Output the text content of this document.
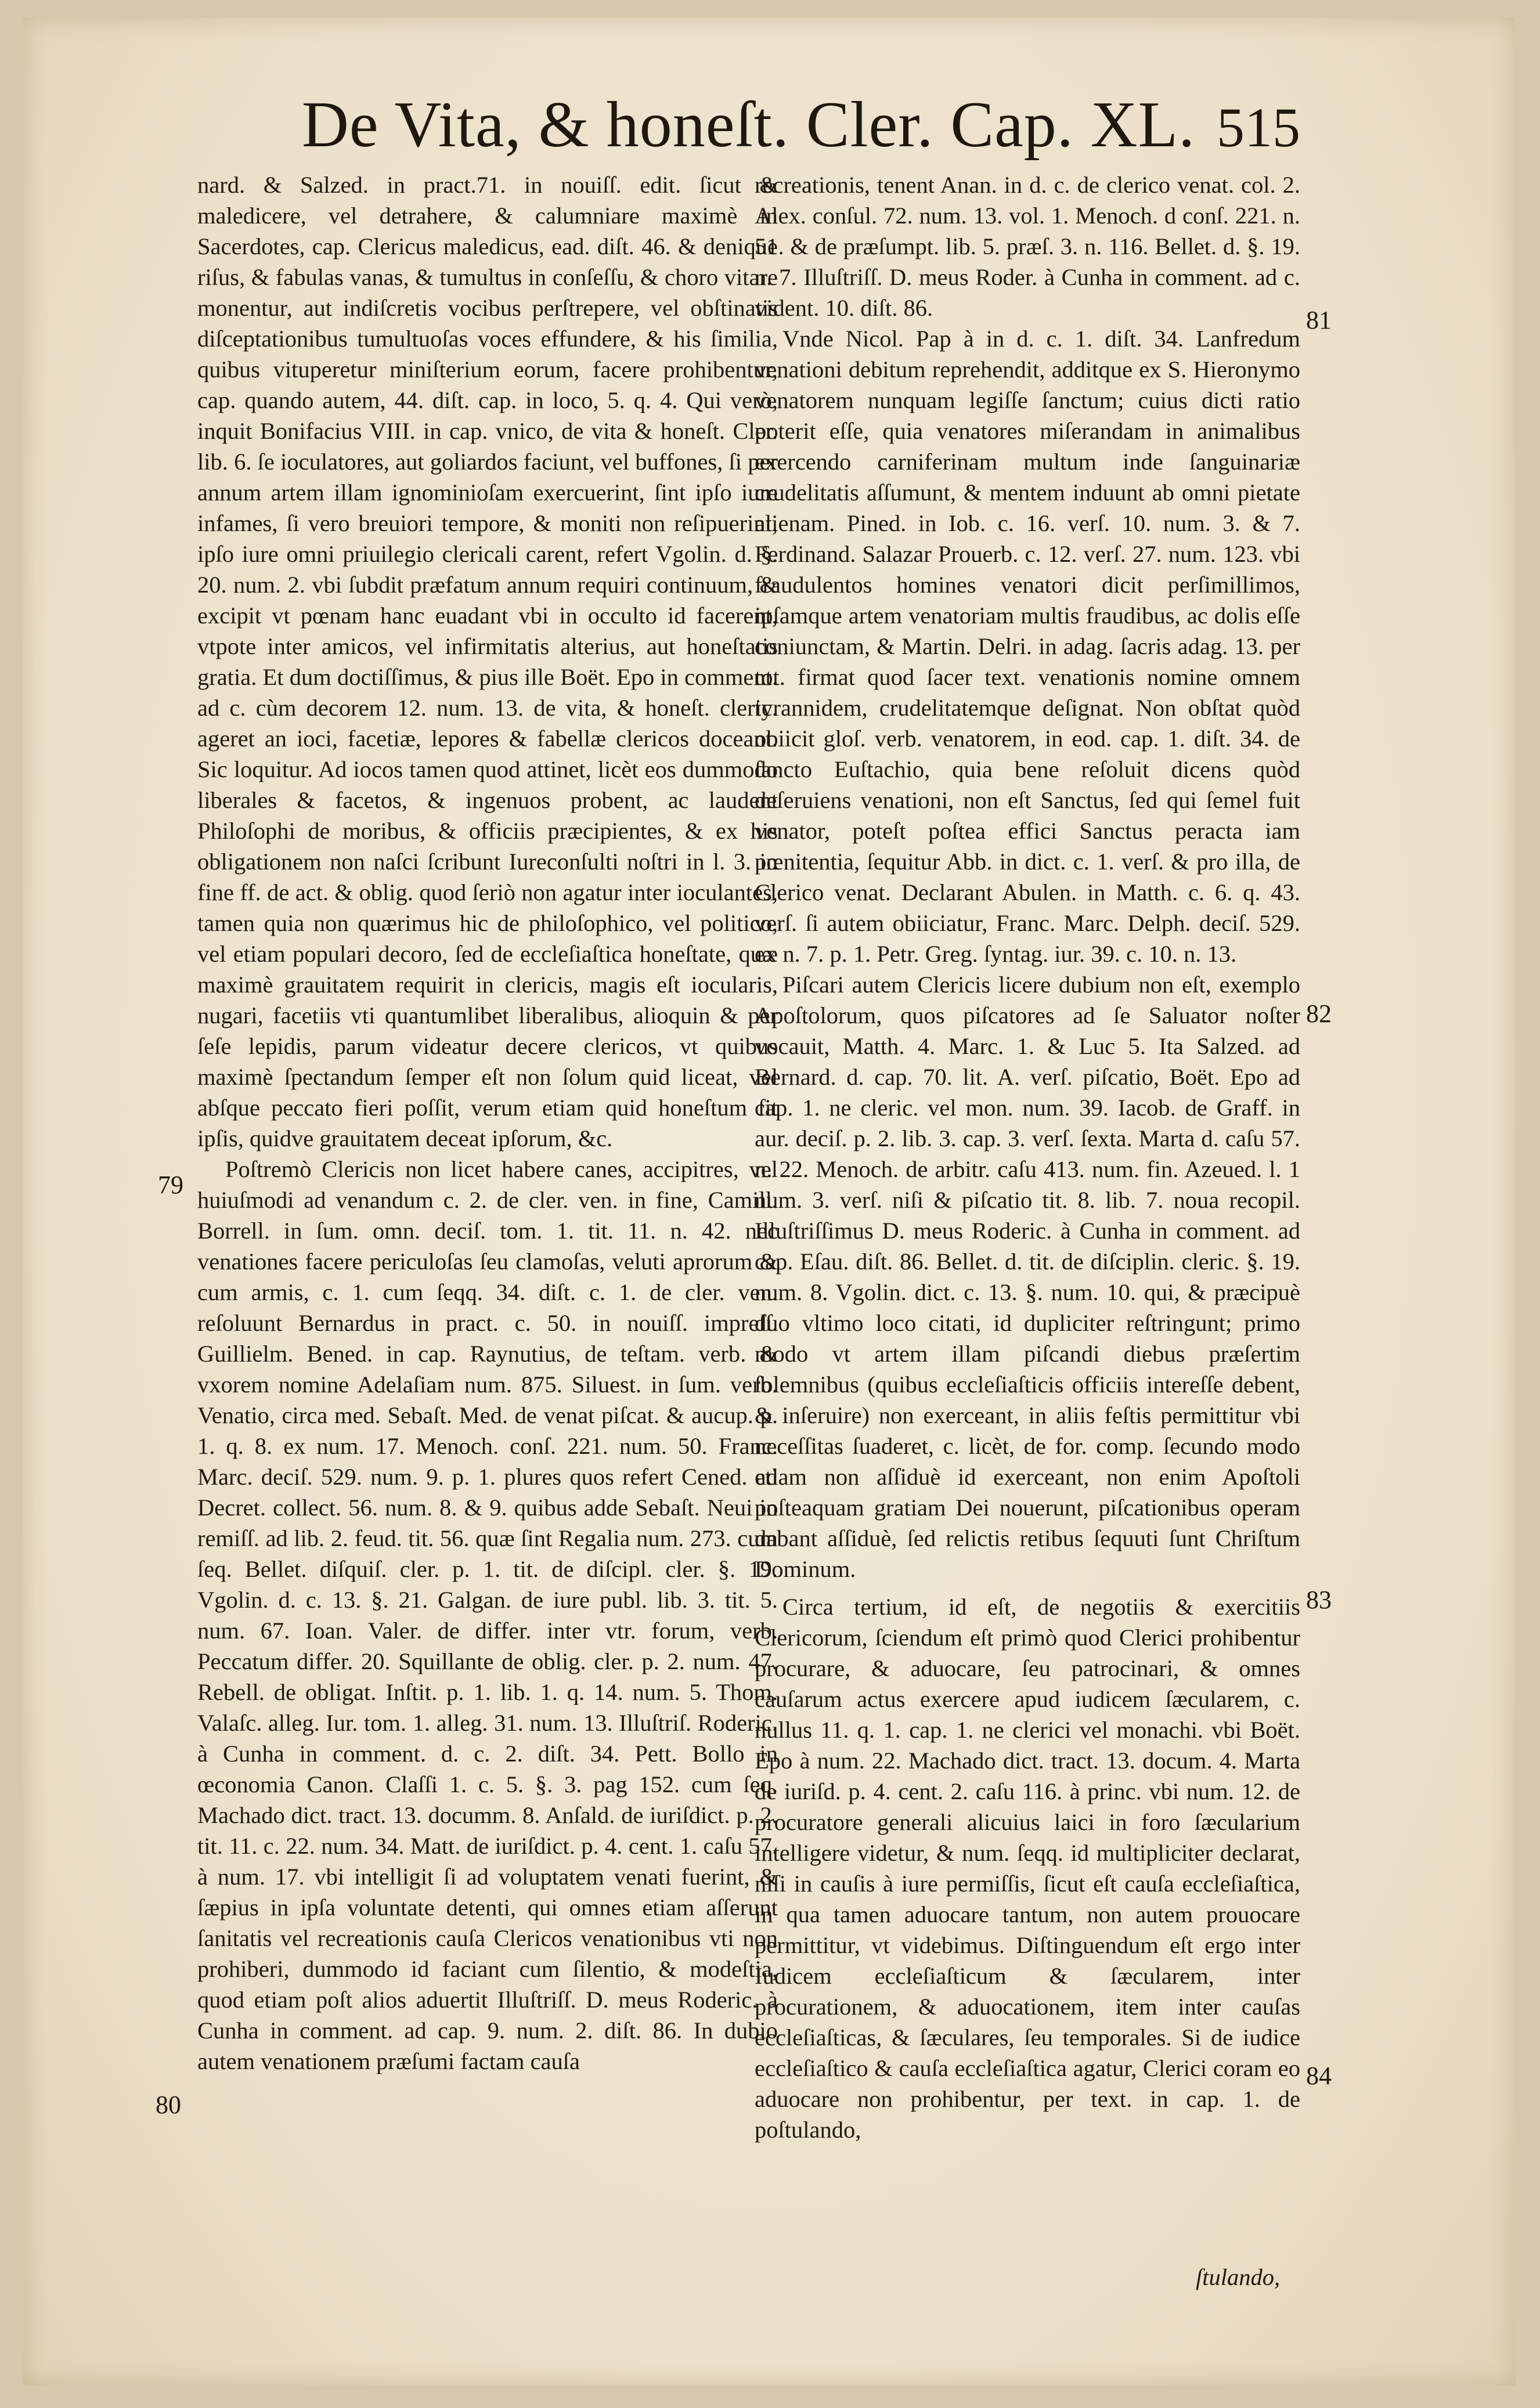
De Vita, & honeſt. Cler. Cap. XL. 515

nard. & Salzed. in pract.71. in nouiſſ. edit. ſicut & maledicere, vel detrahere, & calumniare maximè in Sacerdotes, cap. Clericus maledicus, ead. diſt. 46. & denique riſus, & fabulas vanas, & tumultus in conſeſſu, & choro vitare monentur, aut indiſcretis vocibus perſtrepere, vel obſtinatis diſceptationibus tumultuoſas voces effundere, & his ſimilia, quibus vituperetur miniſterium eorum, facere prohibentur, cap. quando autem, 44. diſt. cap. in loco, 5. q. 4. Qui verò, inquit Bonifacius VIII. in cap. vnico, de vita & honeſt. Cler. lib. 6. ſe ioculatores, aut goliardos faciunt, vel buffones, ſi per annum artem illam ignominioſam exercuerint, ſint ipſo iure infames, ſi vero breuiori tempore, & moniti non reſipuerint, ipſo iure omni priuilegio clericali carent, refert Vgolin. d. §. 20. num. 2. vbi ſubdit præfatum annum requiri continuum, & excipit vt pœnam hanc euadant vbi in occulto id facerent, vtpote inter amicos, vel infirmitatis alterius, aut honeſtatis gratia. Et dum doctiſſimus, & pius ille Boët. Epo in comment. ad c. cùm decorem 12. num. 13. de vita, & honeſt. cleric. ageret an ioci, facetiæ, lepores & fabellæ clericos doceant. Sic loquitur. Ad iocos tamen quod attinet, licèt eos dummodo liberales & facetos, & ingenuos probent, ac laudent Philoſophi de moribus, & officiis præcipientes, & ex his obligationem non naſci ſcribunt Iureconſulti noſtri in l. 3. in fine ff. de act. & oblig. quod ſeriò non agatur inter ioculantes, tamen quia non quærimus hic de philoſophico, vel politico, vel etiam populari decoro, ſed de eccleſiaſtica honeſtate, quæ maximè grauitatem requirit in clericis, magis eſt iocularis, nugari, facetiis vti quantumlibet liberalibus, alioquin & per ſeſe lepidis, parum videatur decere clericos, vt quibus maximè ſpectandum ſemper eſt non ſolum quid liceat, vel abſque peccato fieri poſſit, verum etiam quid honeſtum ſit ipſis, quidve grauitatem deceat ipſorum, &c.

Poſtremò Clericis non licet habere canes, accipitres, vel huiuſmodi ad venandum c. 2. de cler. ven. in fine, Camill. Borrell. in ſum. omn. deciſ. tom. 1. tit. 11. n. 42. nec venationes facere periculoſas ſeu clamoſas, veluti aprorum & cum armis, c. 1. cum ſeqq. 34. diſt. c. 1. de cler. ven. reſoluunt Bernardus in pract. c. 50. in nouiſſ. impreſſ. Guillielm. Bened. in cap. Raynutius, de teſtam. verb. & vxorem nomine Adelaſiam num. 875. Siluest. in ſum. verb. Venatio, circa med. Sebaſt. Med. de venat piſcat. & aucup. p. 1. q. 8. ex num. 17. Menoch. conſ. 221. num. 50. Franc. Marc. deciſ. 529. num. 9. p. 1. plures quos refert Cened. ad Decret. collect. 56. num. 8. & 9. quibus adde Sebaſt. Neui in remiſſ. ad lib. 2. feud. tit. 56. quæ ſint Regalia num. 273. cum ſeq. Bellet. diſquiſ. cler. p. 1. tit. de diſcipl. cler. §. 19. Vgolin. d. c. 13. §. 21. Galgan. de iure publ. lib. 3. tit. 5. num. 67. Ioan. Valer. de differ. inter vtr. forum, verb. Peccatum differ. 20. Squillante de oblig. cler. p. 2. num. 47. Rebell. de obligat. Inſtit. p. 1. lib. 1. q. 14. num. 5. Thom. Valaſc. alleg. Iur. tom. 1. alleg. 31. num. 13. Illuſtriſ. Roderic. à Cunha in comment. d. c. 2. diſt. 34. Pett. Bollo in œconomia Canon. Claſſi 1. c. 5. §. 3. pag 152. cum ſeq. Machado dict. tract. 13. documm. 8. Anſald. de iuriſdict. p. 2. tit. 11. c. 22. num. 34. Matt. de iuriſdict. p. 4. cent. 1. caſu 57. à num. 17. vbi intelligit ſi ad voluptatem venati fuerint, & ſæpius in ipſa voluntate detenti, qui omnes etiam aſſerunt ſanitatis vel recreationis cauſa Clericos venationibus vti non prohiberi, dummodo id faciant cum ſilentio, & modeſtia, quod etiam poſt alios aduertit Illuſtriſſ. D. meus Roderic. à Cunha in comment. ad cap. 9. num. 2. diſt. 86. In dubio autem venationem præſumi factam cauſa

recreationis, tenent Anan. in d. c. de clerico venat. col. 2. Alex. conſul. 72. num. 13. vol. 1. Menoch. d conſ. 221. n. 51. & de præſumpt. lib. 5. præſ. 3. n. 116. Bellet. d. §. 19. n. 7. Illuſtriſſ. D. meus Roder. à Cunha in comment. ad c. vident. 10. diſt. 86.

Vnde Nicol. Pap à in d. c. 1. diſt. 34. Lanfredum venationi debitum reprehendit, additque ex S. Hieronymo venatorem nunquam legiſſe ſanctum; cuius dicti ratio poterit eſſe, quia venatores miſerandam in animalibus exercendo carniferinam multum inde ſanguinariæ crudelitatis aſſumunt, & mentem induunt ab omni pietate alienam. Pined. in Iob. c. 16. verſ. 10. num. 3. & 7. Ferdinand. Salazar Prouerb. c. 12. verſ. 27. num. 123. vbi fraudulentos homines venatori dicit perſimillimos, ipſamque artem venatoriam multis fraudibus, ac dolis eſſe coniunctam, & Martin. Delri. in adag. ſacris adag. 13. per tot. firmat quod ſacer text. venationis nomine omnem tyrannidem, crudelitatemque deſignat. Non obſtat quòd obiicit gloſ. verb. venatorem, in eod. cap. 1. diſt. 34. de ſancto Euſtachio, quia bene reſoluit dicens quòd deſeruiens venationi, non eſt Sanctus, ſed qui ſemel fuit venator, poteſt poſtea effici Sanctus peracta iam pœnitentia, ſequitur Abb. in dict. c. 1. verſ. & pro illa, de Clerico venat. Declarant Abulen. in Matth. c. 6. q. 43. verſ. ſi autem obiiciatur, Franc. Marc. Delph. deciſ. 529. ex n. 7. p. 1. Petr. Greg. ſyntag. iur. 39. c. 10. n. 13.

Piſcari autem Clericis licere dubium non eſt, exemplo Apoſtolorum, quos piſcatores ad ſe Saluator noſter vocauit, Matth. 4. Marc. 1. & Luc 5. Ita Salzed. ad Bernard. d. cap. 70. lit. A. verſ. piſcatio, Boët. Epo ad cap. 1. ne cleric. vel mon. num. 39. Iacob. de Graff. in aur. deciſ. p. 2. lib. 3. cap. 3. verſ. ſexta. Marta d. caſu 57. n. 22. Menoch. de arbitr. caſu 413. num. fin. Azeued. l. 1 num. 3. verſ. niſi & piſcatio tit. 8. lib. 7. noua recopil. Illuſtriſſimus D. meus Roderic. à Cunha in comment. ad cap. Eſau. diſt. 86. Bellet. d. tit. de diſciplin. cleric. §. 19. num. 8. Vgolin. dict. c. 13. §. num. 10. qui, & præcipuè duo vltimo loco citati, id dupliciter reſtringunt; primo modo vt artem illam piſcandi diebus præſertim ſolemnibus (quibus eccleſiaſticis officiis intereſſe debent, & inſeruire) non exerceant, in aliis feſtis permittitur vbi neceſſitas ſuaderet, c. licèt, de for. comp. ſecundo modo etiam non aſſiduè id exerceant, non enim Apoſtoli poſteaquam gratiam Dei nouerunt, piſcationibus operam dabant aſſiduè, ſed relictis retibus ſequuti ſunt Chriſtum Dominum.

Circa tertium, id eſt, de negotiis & exercitiis Clericorum, ſciendum eſt primò quod Clerici prohibentur procurare, & aduocare, ſeu patrocinari, & omnes cauſarum actus exercere apud iudicem ſæcularem, c. nullus 11. q. 1. cap. 1. ne clerici vel monachi. vbi Boët. Epo à num. 22. Machado dict. tract. 13. docum. 4. Marta de iuriſd. p. 4. cent. 2. caſu 116. à princ. vbi num. 12. de procuratore generali alicuius laici in foro ſæcularium intelligere videtur, & num. ſeqq. id multipliciter declarat, niſi in cauſis à iure permiſſis, ſicut eſt cauſa eccleſiaſtica, in qua tamen aduocare tantum, non autem prouocare permittitur, vt videbimus. Diſtinguendum eſt ergo inter Iudicem eccleſiaſticum & ſæcularem, inter procurationem, & aduocationem, item inter cauſas eccleſiaſticas, & ſæculares, ſeu temporales. Si de iudice eccleſiaſtico & cauſa eccleſiaſtica agatur, Clerici coram eo aduocare non prohibentur, per text. in cap. 1. de poſtulando,

79
80
81
82
83
84
ſtulando,
